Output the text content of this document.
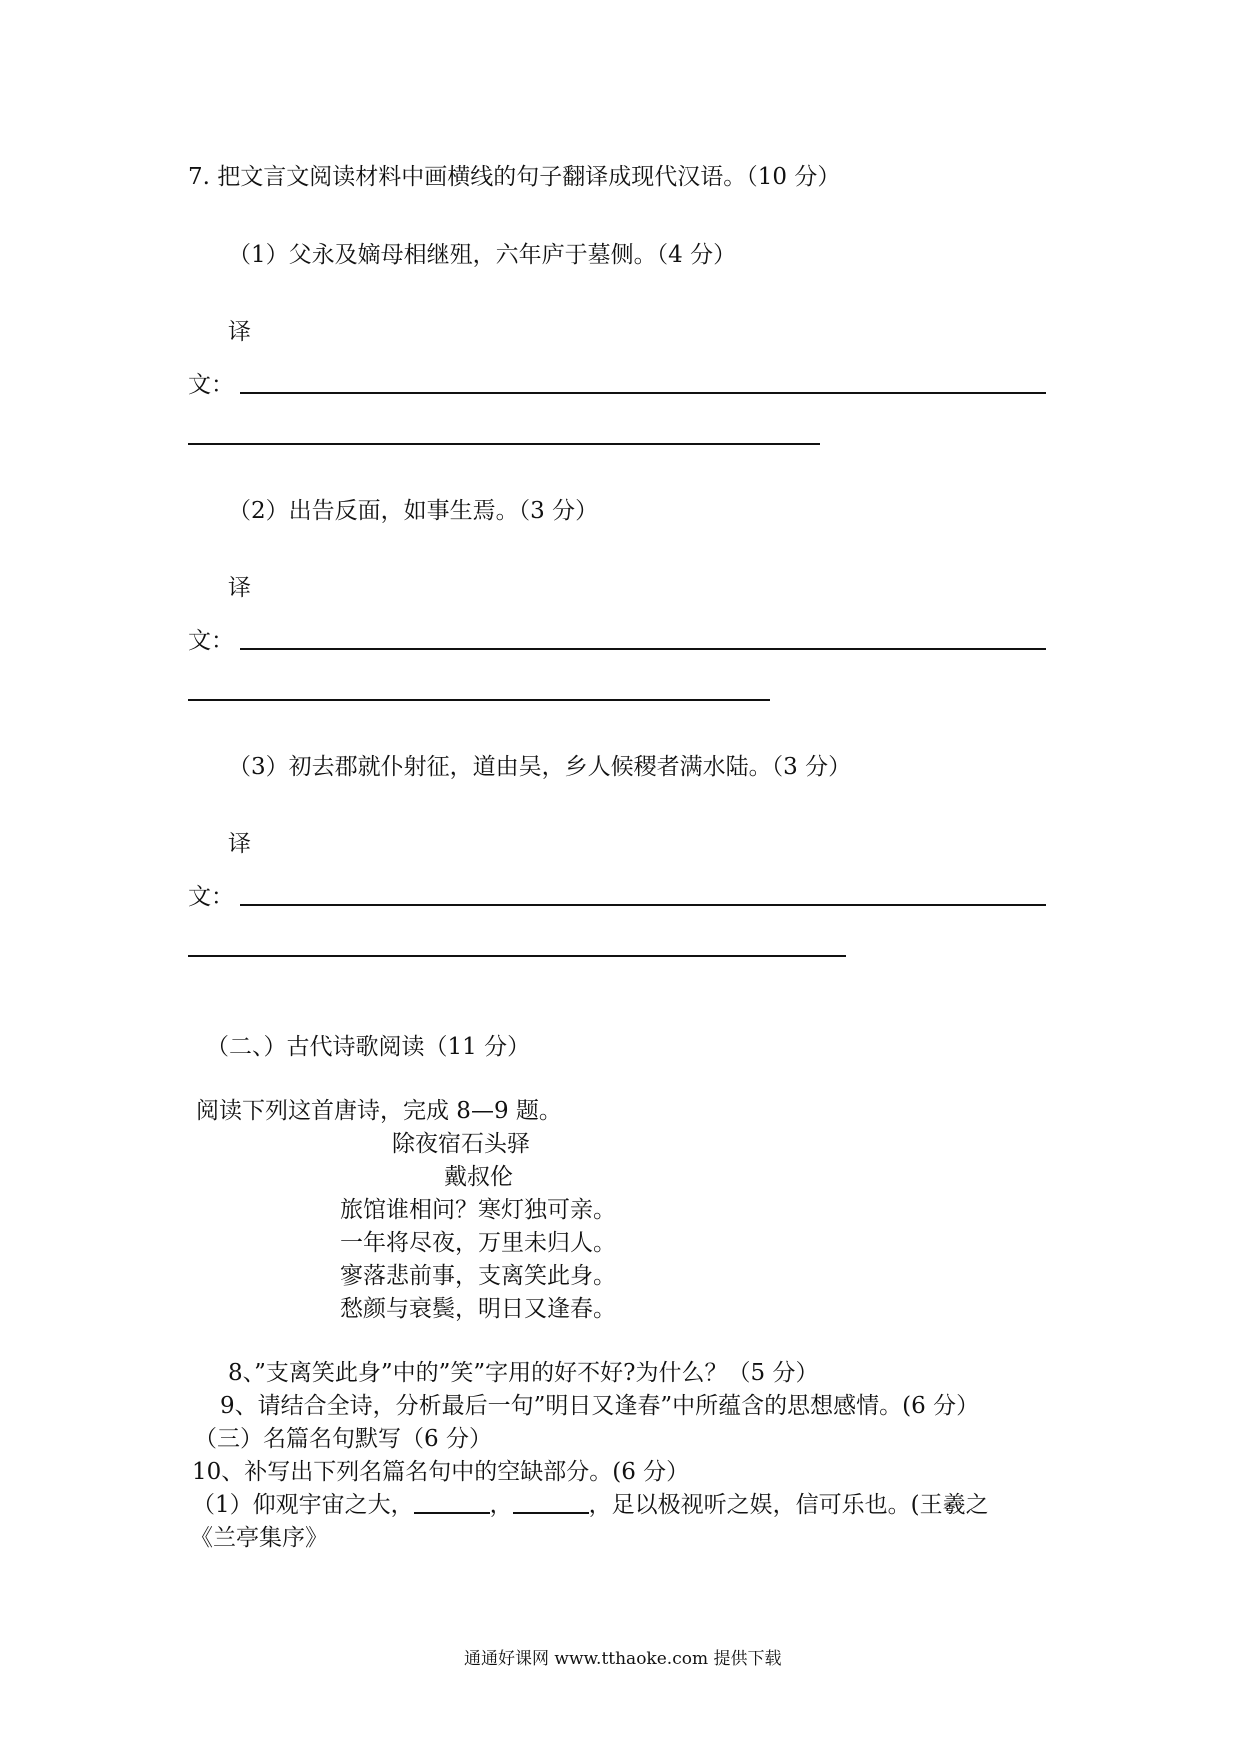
7. 把文言文阅读材料中画横线的句子翻译成现代汉语。（10 分）
（1）父永及嫡母相继殂，六年庐于墓侧。（4 分）
译
文：
（2）出告反面，如事生焉。（3 分）
译
文：
（3）初去郡就仆射征，道由吴，乡人候稷者满水陆。（3 分）
译
文：
（二、）古代诗歌阅读（11 分）
阅读下列这首唐诗，完成 8—9 题。
除夜宿石头驿
戴叔伦
旅馆谁相问？寒灯独可亲。
一年将尽夜，万里未归人。
寥落悲前事，支离笑此身。
愁颜与衰鬓，明日又逢春。
8、”支离笑此身”中的”笑”字用的好不好?为什么？（5 分）
9、请结合全诗，分析最后一句”明日又逢春”中所蕴含的思想感情。(6 分）
（三）名篇名句默写（6 分）
10、补写出下列名篇名句中的空缺部分。(6 分）
（1）仰观宇宙之大，	，	，足以极视听之娱，信可乐也。(王羲之
《兰亭集序》
通通好课网 www.tthaoke.com 提供下载
